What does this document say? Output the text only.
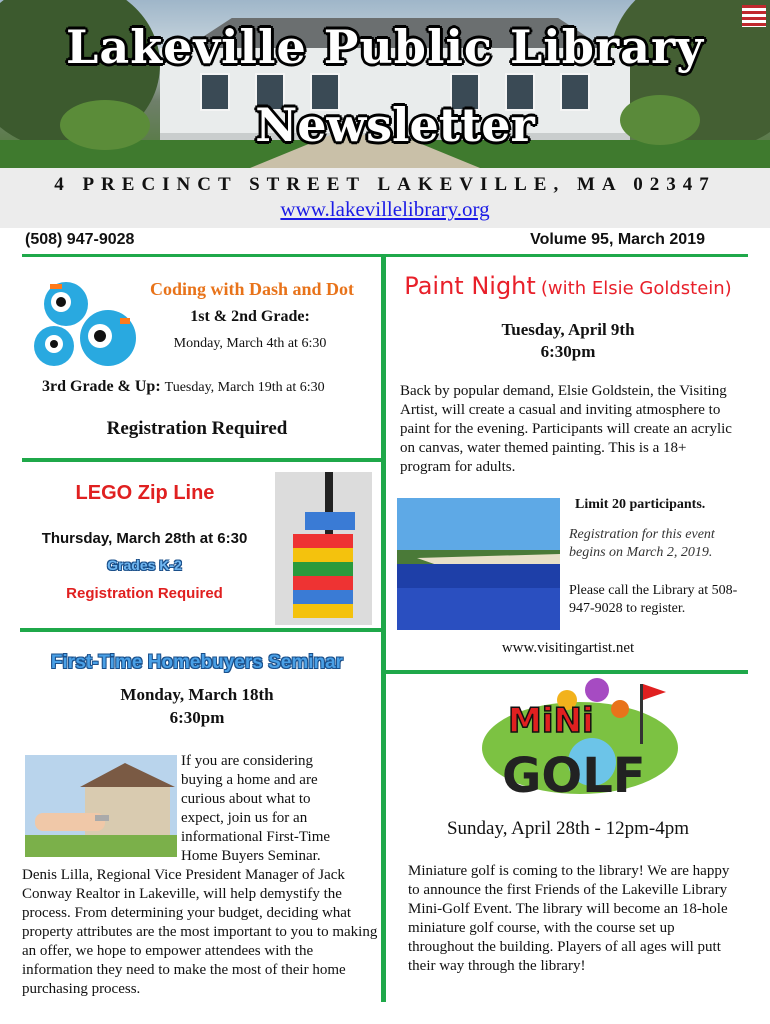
Lakeville Public Library
Newsletter
4 PRECINCT STREET LAKEVILLE, MA 02347
www.lakevillelibrary.org
(508) 947-9028	Volume 95, March 2019
Coding with Dash and Dot
1st & 2nd Grade:
Monday, March 4th at 6:30
3rd Grade & Up: Tuesday, March 19th at 6:30
Registration Required
LEGO Zip Line
Thursday, March 28th at 6:30
Grades K-2
Registration Required
First-Time Homebuyers Seminar
Monday, March 18th
6:30pm
If you are considering
buying a home and are
curious about what to
expect, join us for an
informational First-Time
Home Buyers Seminar.
Denis Lilla, Regional Vice President Manager of Jack Conway Realtor in Lakeville, will help demystify the process. From determining your budget, deciding what property attributes are the most important to you to making an offer, we hope to empower attendees with the information they need to make the most of their home purchasing process.
Paint Night (with Elsie Goldstein)
Tuesday, April 9th
6:30pm
Back by popular demand, Elsie Goldstein, the Visiting Artist, will create a casual and inviting atmosphere to paint for the evening. Participants will create an acrylic on canvas, water themed painting. This is a 18+ program for adults.
Limit 20 participants.
Registration for this event begins on March 2, 2019.
Please call the Library at 508-947-9028 to register.
www.visitingartist.net
MiNi
GOLF
Sunday, April 28th - 12pm-4pm
Miniature golf is coming to the library! We are happy to announce the first Friends of the Lakeville Library Mini-Golf Event. The library will become an 18-hole miniature golf course, with the course set up throughout the building. Players of all ages will putt their way through the library!
